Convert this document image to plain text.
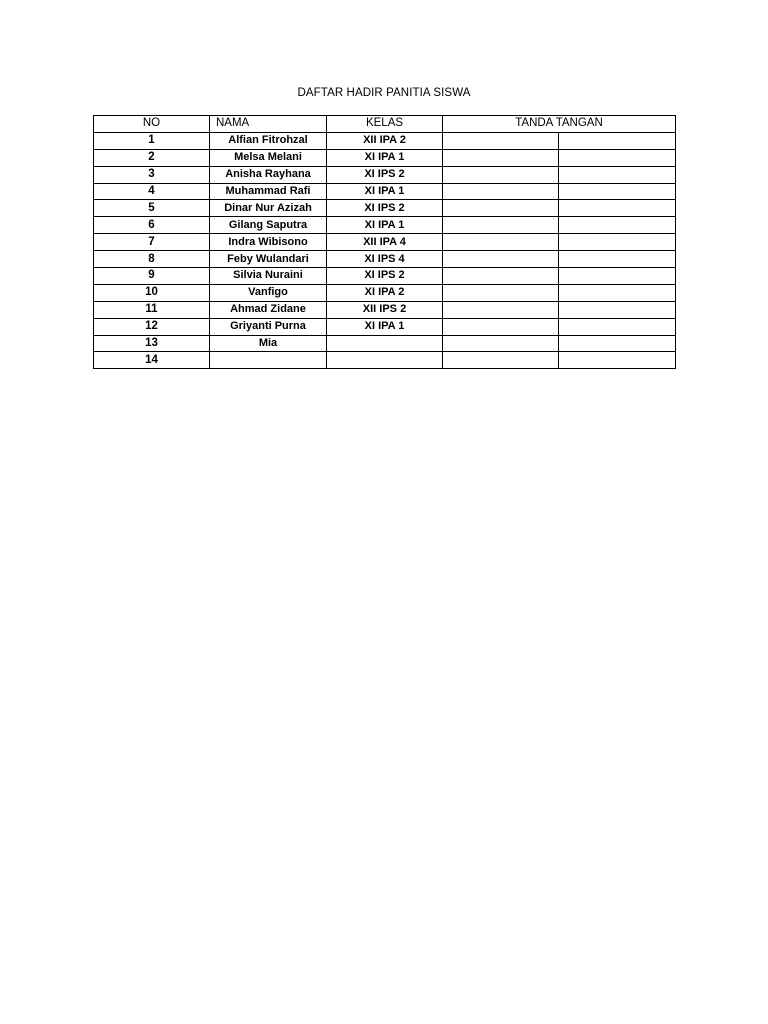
DAFTAR HADIR PANITIA SISWA
NO	NAMA	KELAS	TANDA TANGAN	
1	Alfian Fitrohzal	XII IPA 2		
2	Melsa Melani	XI IPA 1		
3	Anisha Rayhana	XI IPS 2		
4	Muhammad Rafi	XI IPA 1		
5	Dinar Nur Azizah	XI IPS 2		
6	Gilang Saputra	XI IPA 1		
7	Indra Wibisono	XII IPA 4		
8	Feby Wulandari	XI IPS 4		
9	Silvia Nuraini	XI IPS 2		
10	Vanfigo	XI IPA 2		
11	Ahmad Zidane	XII IPS 2		
12	Griyanti Purna	XI IPA 1		
13	Mia			
14				
